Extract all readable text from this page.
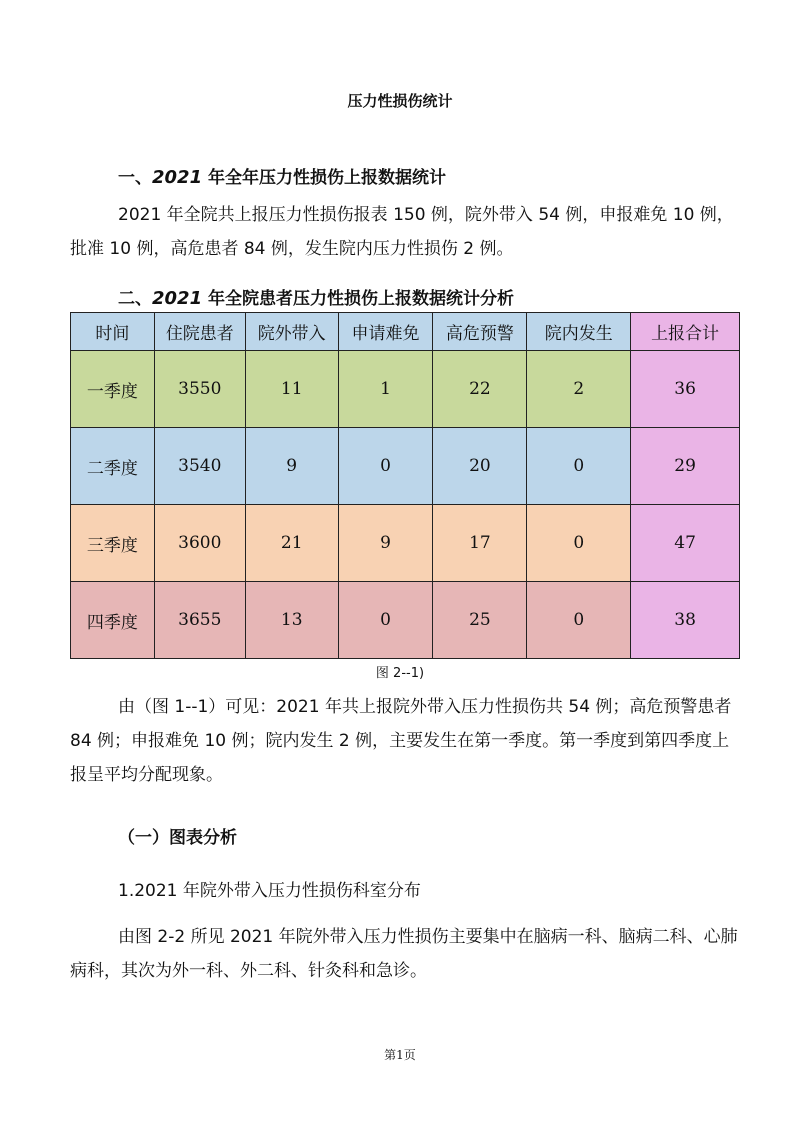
压力性损伤统计
一、2021 年全年压力性损伤上报数据统计
2021 年全院共上报压力性损伤报表 150 例，院外带入 54 例，申报难免 10 例，批准 10 例，高危患者 84 例，发生院内压力性损伤 2 例。
二、2021 年全院患者压力性损伤上报数据统计分析
时间	住院患者	院外带入	申请难免	高危预警	院内发生	上报合计
一季度	3550	11	1	22	2	36
二季度	3540	9	0	20	0	29
三季度	3600	21	9	17	0	47
四季度	3655	13	0	25	0	38
图 2--1)
由（图 1--1）可见：2021 年共上报院外带入压力性损伤共 54 例；高危预警患者 84 例；申报难免 10 例；院内发生 2 例，主要发生在第一季度。第一季度到第四季度上报呈平均分配现象。
（一）图表分析
1.2021 年院外带入压力性损伤科室分布
由图 2-2 所见 2021 年院外带入压力性损伤主要集中在脑病一科、脑病二科、心肺病科，其次为外一科、外二科、针灸科和急诊。
第1页
